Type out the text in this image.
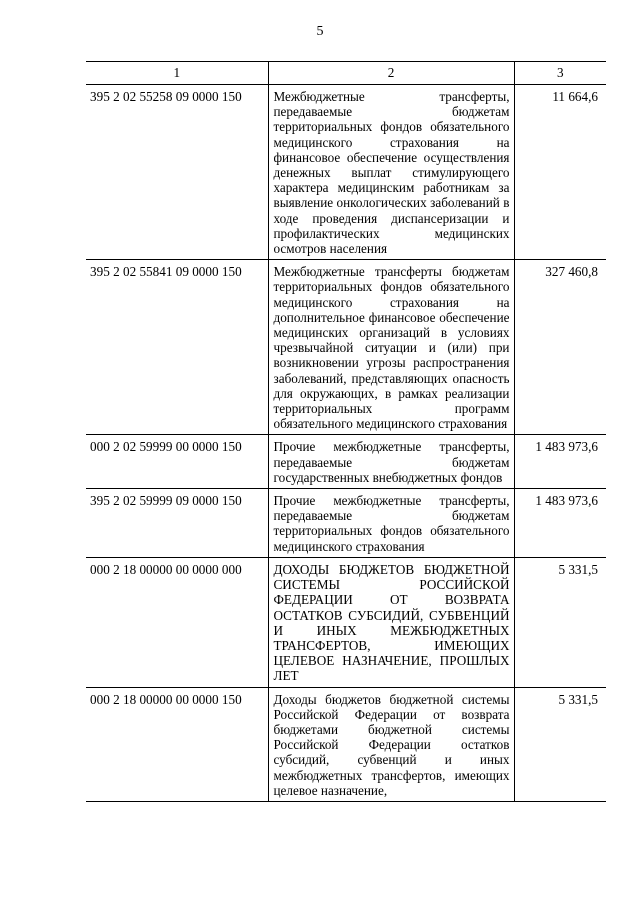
5
1	2	3
395 2 02 55258 09 0000 150	Межбюджетные трансферты, передаваемые бюджетам территориальных фондов обязательного медицинского страхования на финансовое обеспечение осуществления денежных выплат стимулирующего характера медицинским работникам за выявление онкологических заболеваний в ходе проведения диспансеризации и профилактических медицинских осмотров населения	11 664,6
395 2 02 55841 09 0000 150	Межбюджетные трансферты бюджетам территориальных фондов обязательного медицинского страхования на дополнительное финансовое обеспечение медицинских организаций в условиях чрезвычайной ситуации и (или) при возникновении угрозы распространения заболеваний, представляющих опасность для окружающих, в рамках реализации территориальных программ обязательного медицинского страхования	327 460,8
000 2 02 59999 00 0000 150	Прочие межбюджетные трансферты, передаваемые бюджетам государственных внебюджетных фондов	1 483 973,6
395 2 02 59999 09 0000 150	Прочие межбюджетные трансферты, передаваемые бюджетам территориальных фондов обязательного медицинского страхования	1 483 973,6
000 2 18 00000 00 0000 000	ДОХОДЫ БЮДЖЕТОВ БЮДЖЕТНОЙ СИСТЕМЫ РОССИЙСКОЙ ФЕДЕРАЦИИ ОТ ВОЗВРАТА ОСТАТКОВ СУБСИДИЙ, СУБВЕНЦИЙ И ИНЫХ МЕЖБЮДЖЕТНЫХ ТРАНСФЕРТОВ, ИМЕЮЩИХ ЦЕЛЕВОЕ НАЗНАЧЕНИЕ, ПРОШЛЫХ ЛЕТ	5 331,5
000 2 18 00000 00 0000 150	Доходы бюджетов бюджетной системы Российской Федерации от возврата бюджетами бюджетной системы Российской Федерации остатков субсидий, субвенций и иных межбюджетных трансфертов, имеющих целевое назначение,	5 331,5
